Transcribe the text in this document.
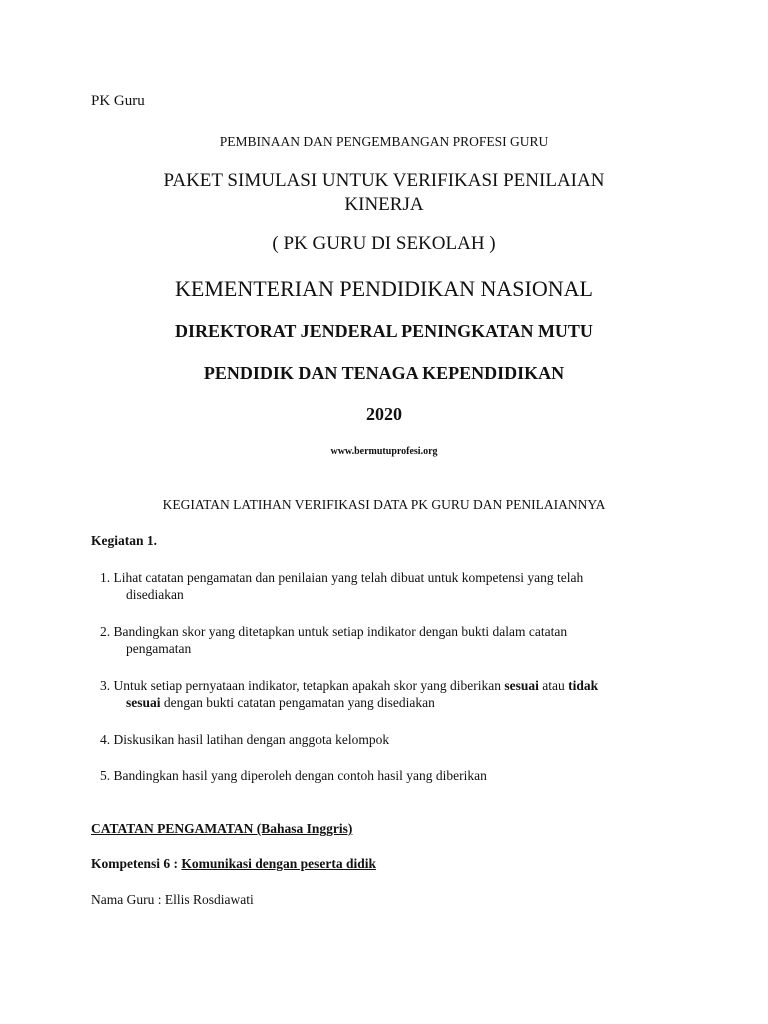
PK Guru
PEMBINAAN DAN PENGEMBANGAN PROFESI GURU
PAKET SIMULASI UNTUK VERIFIKASI PENILAIAN
KINERJA
( PK GURU DI SEKOLAH )
KEMENTERIAN PENDIDIKAN NASIONAL
DIREKTORAT JENDERAL PENINGKATAN MUTU
PENDIDIK DAN TENAGA KEPENDIDIKAN
2020
www.bermutuprofesi.org
KEGIATAN LATIHAN VERIFIKASI DATA PK GURU DAN PENILAIANNYA
Kegiatan 1.
1. Lihat catatan pengamatan dan penilaian yang telah dibuat untuk kompetensi yang telah
disediakan
2. Bandingkan skor yang ditetapkan untuk setiap indikator dengan bukti dalam catatan
pengamatan
3. Untuk setiap pernyataan indikator, tetapkan apakah skor yang diberikan sesuai atau tidak
sesuai dengan bukti catatan pengamatan yang disediakan
4. Diskusikan hasil latihan dengan anggota kelompok
5. Bandingkan hasil yang diperoleh dengan contoh hasil yang diberikan
CATATAN PENGAMATAN (Bahasa Inggris)
Kompetensi 6 : Komunikasi dengan peserta didik
Nama Guru : Ellis Rosdiawati
